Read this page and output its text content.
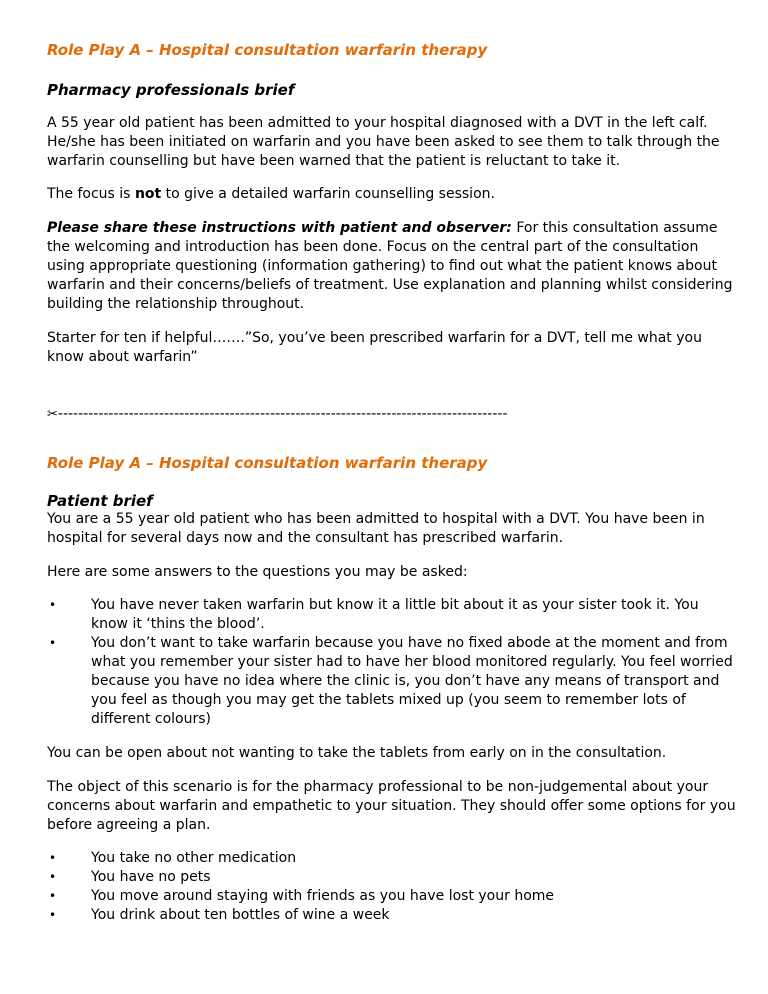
Role Play A – Hospital consultation warfarin therapy
Pharmacy professionals brief

A 55 year old patient has been admitted to your hospital diagnosed with a DVT in the left calf. He/she has been initiated on warfarin and you have been asked to see them to talk through the warfarin counselling but have been warned that the patient is reluctant to take it.

The focus is not to give a detailed warfarin counselling session.

Please share these instructions with patient and observer: For this consultation assume the welcoming and introduction has been done. Focus on the central part of the consultation using appropriate questioning (information gathering) to find out what the patient knows about warfarin and their concerns/beliefs of treatment. Use explanation and planning whilst considering building the relationship throughout.

Starter for ten if helpful…….”So, you’ve been prescribed warfarin for a DVT, tell me what you know about warfarin”

✂-----------------------------------------------------------------------------------------
Role Play A – Hospital consultation warfarin therapy
Patient brief

You are a 55 year old patient who has been admitted to hospital with a DVT. You have been in hospital for several days now and the consultant has prescribed warfarin.

Here are some answers to the questions you may be asked:

• You have never taken warfarin but know it a little bit about it as your sister took it. You know it ‘thins the blood’.
• You don’t want to take warfarin because you have no fixed abode at the moment and from what you remember your sister had to have her blood monitored regularly. You feel worried because you have no idea where the clinic is, you don’t have any means of transport and you feel as though you may get the tablets mixed up (you seem to remember lots of different colours)

You can be open about not wanting to take the tablets from early on in the consultation.

The object of this scenario is for the pharmacy professional to be non-judgemental about your concerns about warfarin and empathetic to your situation. They should offer some options for you before agreeing a plan.

• You take no other medication
• You have no pets
• You move around staying with friends as you have lost your home
• You drink about ten bottles of wine a week
